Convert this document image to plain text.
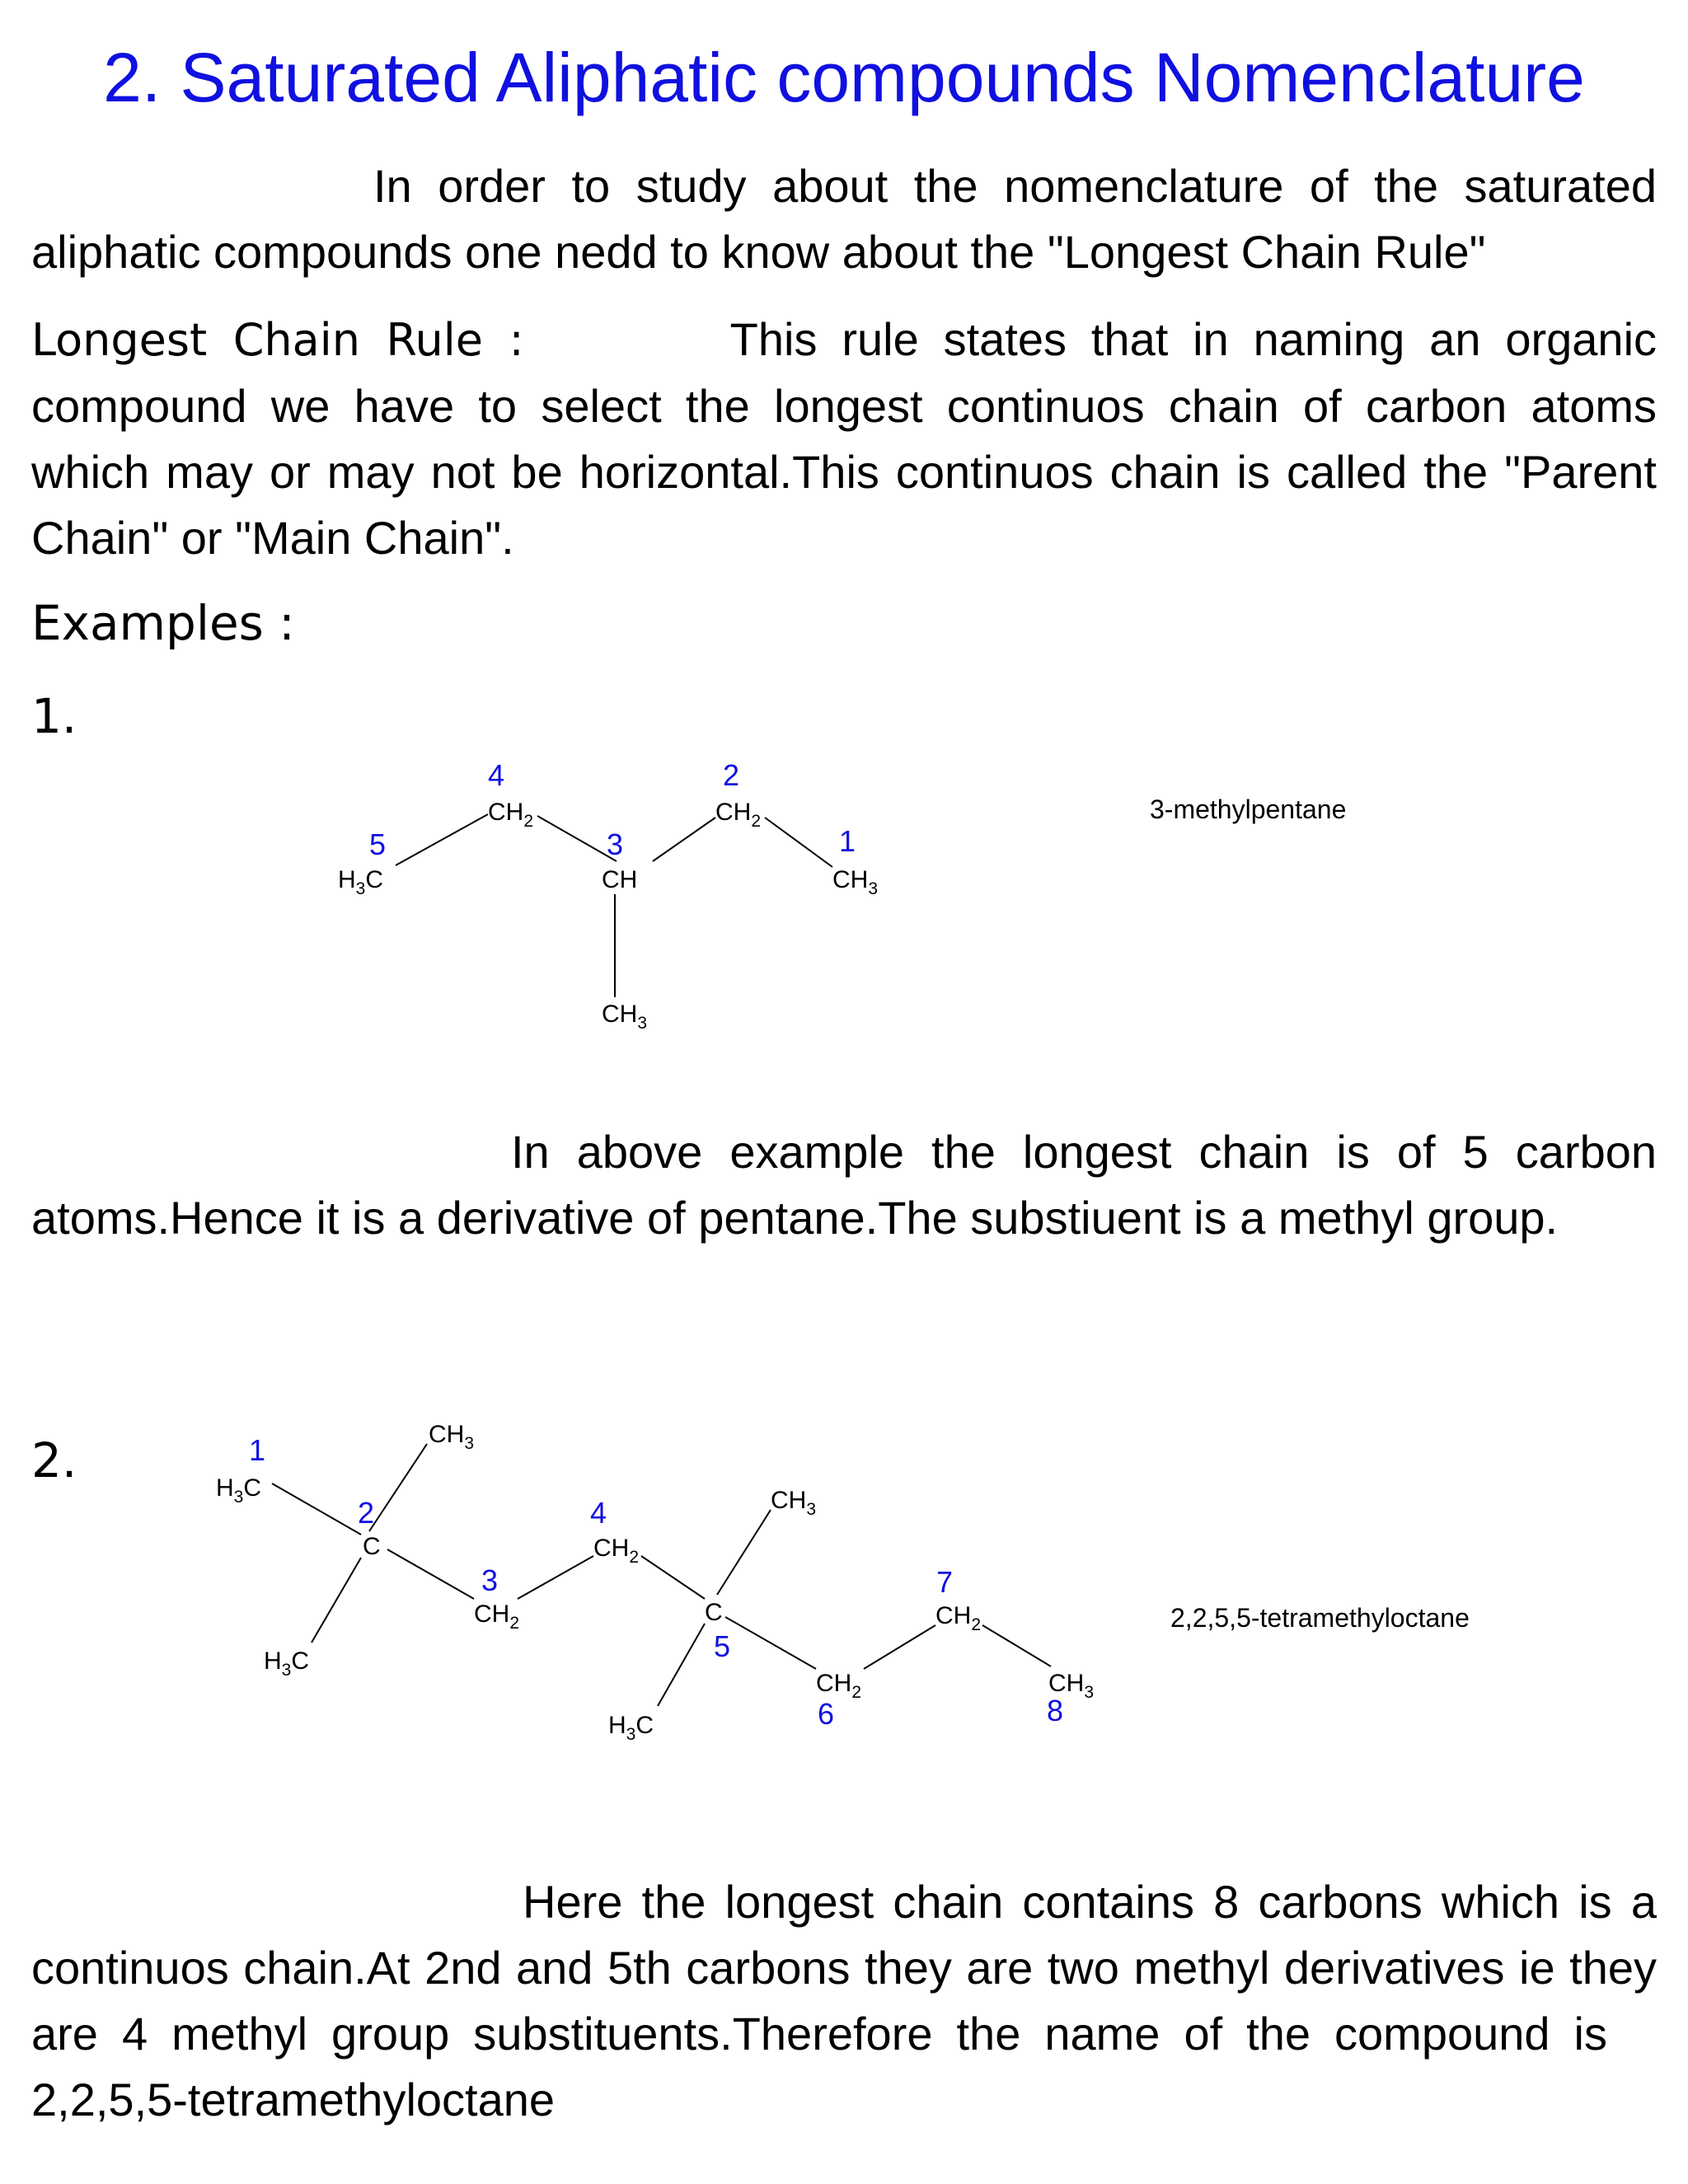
2. Saturated Aliphatic compounds Nomenclature
In order to study about the nomenclature of the saturated aliphatic compounds one nedd to know about the "Longest Chain Rule"
Longest Chain Rule :	This rule states that in naming an organic compound we have to select the longest continuos chain of carbon atoms which may or may not be horizontal.This continuos chain is called the "Parent Chain" or "Main Chain".
Examples :
1.
$H_3C$
$CH_2$
CH
$CH_2$
$CH_3$
$CH_3$
5
4
3
2
1
3-methylpentane
In above example the longest chain is of 5 carbon atoms.Hence it is a derivative of pentane.The substiuent is a methyl group.
2.	$H_3C$
C
$CH_3$
$H_3C$
$CH_2$
$CH_2$
C
$CH_3$
$H_3C$
$CH_2$
$CH_2$
$CH_3$
1
2
3
4
5
6
7
8
2,2,5,5-tetramethyloctane
Here the longest chain contains 8 carbons which is a continuos chain.At 2nd and 5th carbons they are two methyl derivatives ie they are 4 methyl group substituents.Therefore the name of the compound is2,2,5,5-tetramethyloctane
